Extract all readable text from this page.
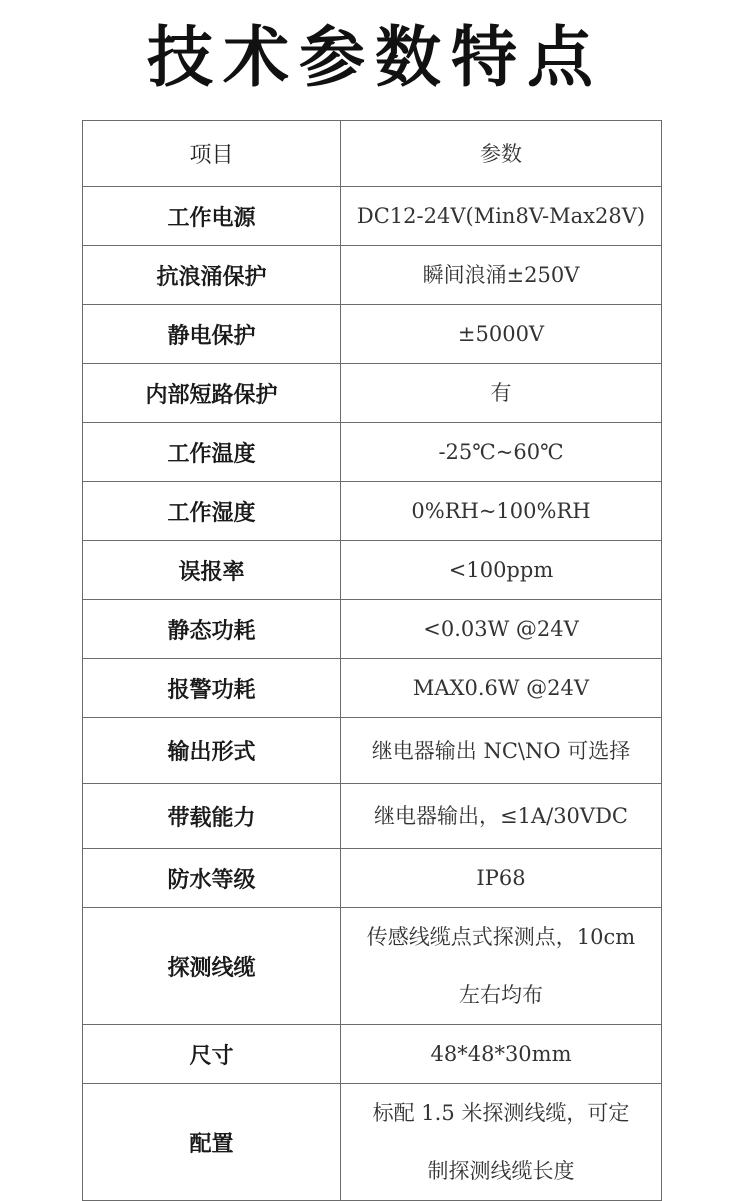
技术参数特点
项目	参数
工作电源	DC12-24V(Min8V-Max28V)
抗浪涌保护	瞬间浪涌±250V
静电保护	±5000V
内部短路保护	有
工作温度	-25℃~60℃
工作湿度	0%RH~100%RH
误报率	<100ppm
静态功耗	<0.03W @24V
报警功耗	MAX0.6W @24V
输出形式	继电器输出 NC\NO 可选择
带载能力	继电器输出，≤1A/30VDC
防水等级	IP68
探测线缆	传感线缆点式探测点，10cm
左右均布

尺寸	48*48*30mm
配置	标配 1.5 米探测线缆，可定
制探测线缆长度
